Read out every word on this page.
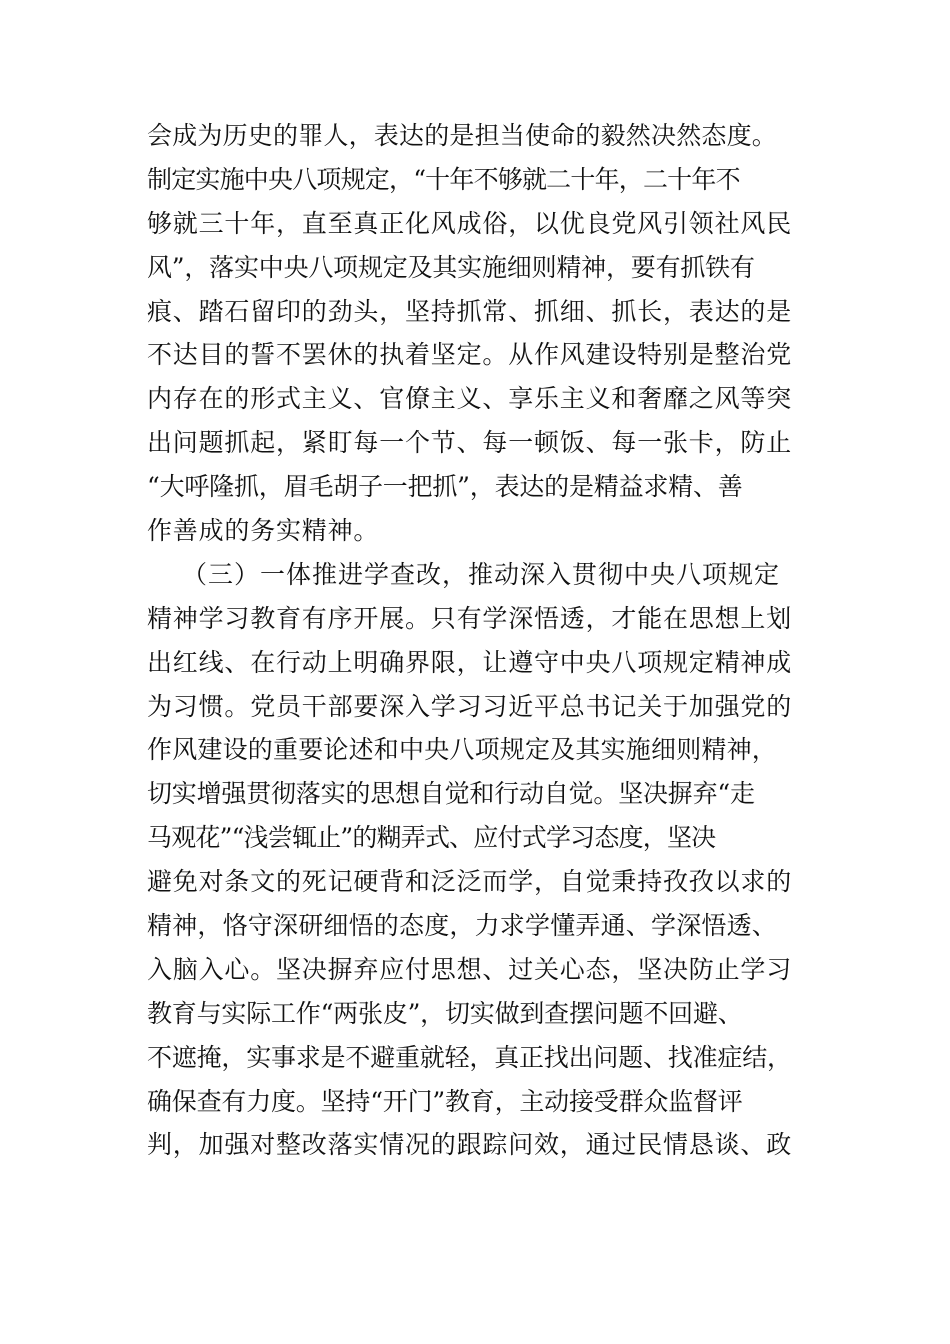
会成为历史的罪人，表达的是担当使命的毅然决然态度。
制定实施中央八项规定，“十年不够就二十年，二十年不
够就三十年，直至真正化风成俗，以优良党风引领社风民
风”，落实中央八项规定及其实施细则精神，要有抓铁有
痕、踏石留印的劲头，坚持抓常、抓细、抓长，表达的是
不达目的誓不罢休的执着坚定。从作风建设特别是整治党
内存在的形式主义、官僚主义、享乐主义和奢靡之风等突
出问题抓起，紧盯每一个节、每一顿饭、每一张卡，防止
“大呼隆抓，眉毛胡子一把抓”，表达的是精益求精、善
作善成的务实精神。
（三）一体推进学查改，推动深入贯彻中央八项规定
精神学习教育有序开展。只有学深悟透，才能在思想上划
出红线、在行动上明确界限，让遵守中央八项规定精神成
为习惯。党员干部要深入学习习近平总书记关于加强党的
作风建设的重要论述和中央八项规定及其实施细则精神，
切实增强贯彻落实的思想自觉和行动自觉。坚决摒弃“走
马观花”“浅尝辄止”的糊弄式、应付式学习态度，坚决
避免对条文的死记硬背和泛泛而学，自觉秉持孜孜以求的
精神，恪守深研细悟的态度，力求学懂弄通、学深悟透、
入脑入心。坚决摒弃应付思想、过关心态，坚决防止学习
教育与实际工作“两张皮”，切实做到查摆问题不回避、
不遮掩，实事求是不避重就轻，真正找出问题、找准症结，
确保查有力度。坚持“开门”教育，主动接受群众监督评
判，加强对整改落实情况的跟踪问效，通过民情恳谈、政
